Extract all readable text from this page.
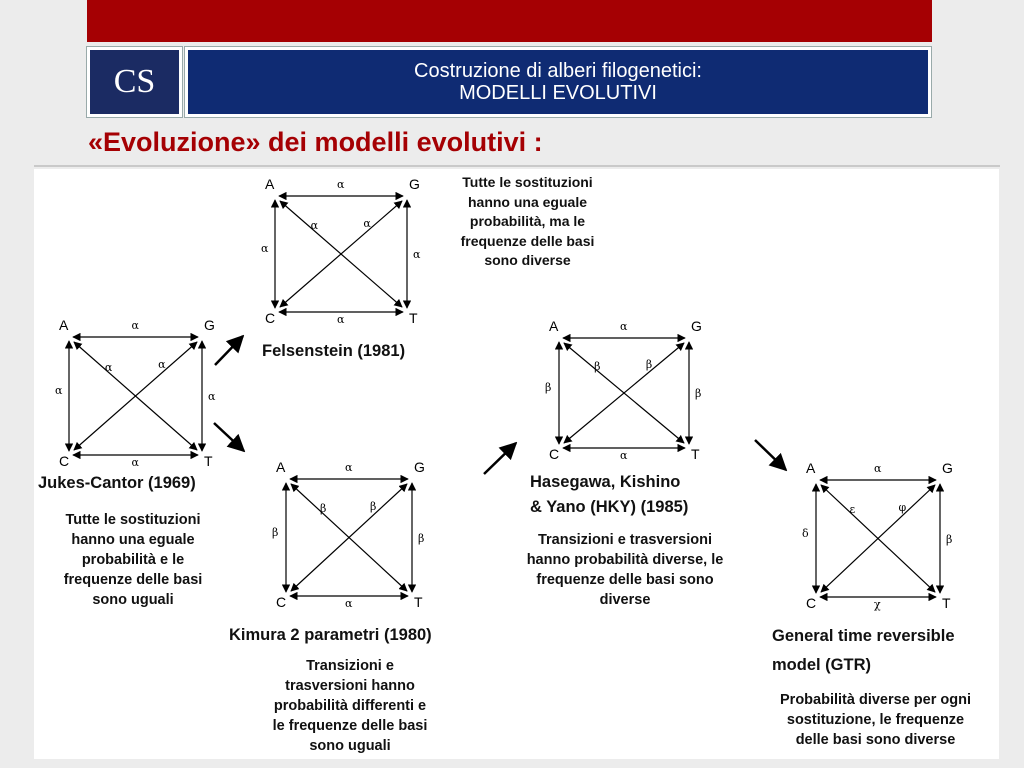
CS	Costruzione di alberi filogenetici:
MODELLI EVOLUTIVI
«Evoluzione» dei modelli evolutivi :
A	G
C	T
α
α
α	α
α	α
A	G
C	T
α
α
α	α
α	α
A	G
C	T
α
α
β	β
β	β
A	G
C	T
α
α
β	β
β	β
A	G
C	T
α
χ
δ	β
ε	φ
Felsenstein (1981)
Tutte le sostituzioni
hanno una eguale
probabilità, ma le
frequenze delle basi
sono diverse
Jukes-Cantor (1969)
Tutte le sostituzioni
hanno una eguale
probabilità e le
frequenze delle basi
sono uguali
Kimura 2 parametri (1980)
Transizioni e
trasversioni hanno
probabilità differenti e
le frequenze delle basi
sono uguali
Hasegawa, Kishino
& Yano (HKY) (1985)
Transizioni e trasversioni
hanno probabilità diverse, le
frequenze delle basi sono
diverse
General time reversible
model (GTR)
Probabilità diverse per ogni
sostituzione, le frequenze
delle basi sono diverse
